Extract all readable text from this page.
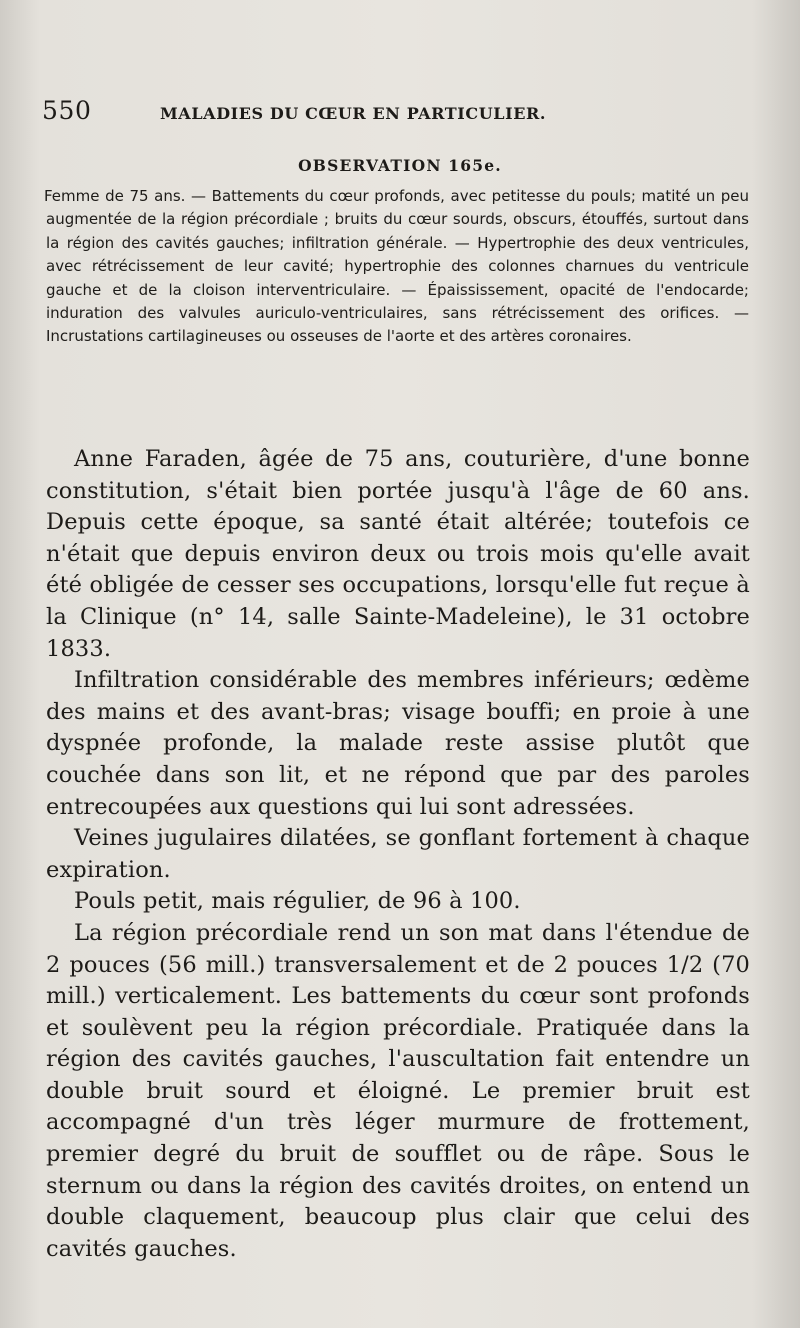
550	MALADIES DU CŒUR EN PARTICULIER.
OBSERVATION 165e.
Femme de 75 ans. — Battements du cœur profonds, avec petitesse du pouls; matité un peu augmentée de la région précordiale ; bruits du cœur sourds, obscurs, étouffés, surtout dans la région des cavités gauches; infiltration générale. — Hypertrophie des deux ventricules, avec rétrécissement de leur cavité; hypertrophie des colonnes charnues du ventricule gauche et de la cloison interventriculaire. — Épaississement, opacité de l'endocarde; induration des valvules auriculo-ventriculaires, sans rétrécissement des orifices. — Incrustations cartilagineuses ou osseuses de l'aorte et des artères coronaires.

Anne Faraden, âgée de 75 ans, couturière, d'une bonne constitution, s'était bien portée jusqu'à l'âge de 60 ans. Depuis cette époque, sa santé était altérée; toutefois ce n'était que depuis environ deux ou trois mois qu'elle avait été obligée de cesser ses occupations, lorsqu'elle fut reçue à la Clinique (n° 14, salle Sainte-Madeleine), le 31 octobre 1833.

Infiltration considérable des membres inférieurs; œdème des mains et des avant-bras; visage bouffi; en proie à une dyspnée profonde, la malade reste assise plutôt que couchée dans son lit, et ne répond que par des paroles entrecoupées aux questions qui lui sont adressées.

Veines jugulaires dilatées, se gonflant fortement à chaque expiration.

Pouls petit, mais régulier, de 96 à 100.

La région précordiale rend un son mat dans l'étendue de 2 pouces (56 mill.) transversalement et de 2 pouces 1/2 (70 mill.) verticalement. Les battements du cœur sont profonds et soulèvent peu la région précordiale. Pratiquée dans la région des cavités gauches, l'auscultation fait entendre un double bruit sourd et éloigné. Le premier bruit est accompagné d'un très léger murmure de frottement, premier degré du bruit de soufflet ou de râpe. Sous le sternum ou dans la région des cavités droites, on entend un double claquement, beaucoup plus clair que celui des cavités gauches.
